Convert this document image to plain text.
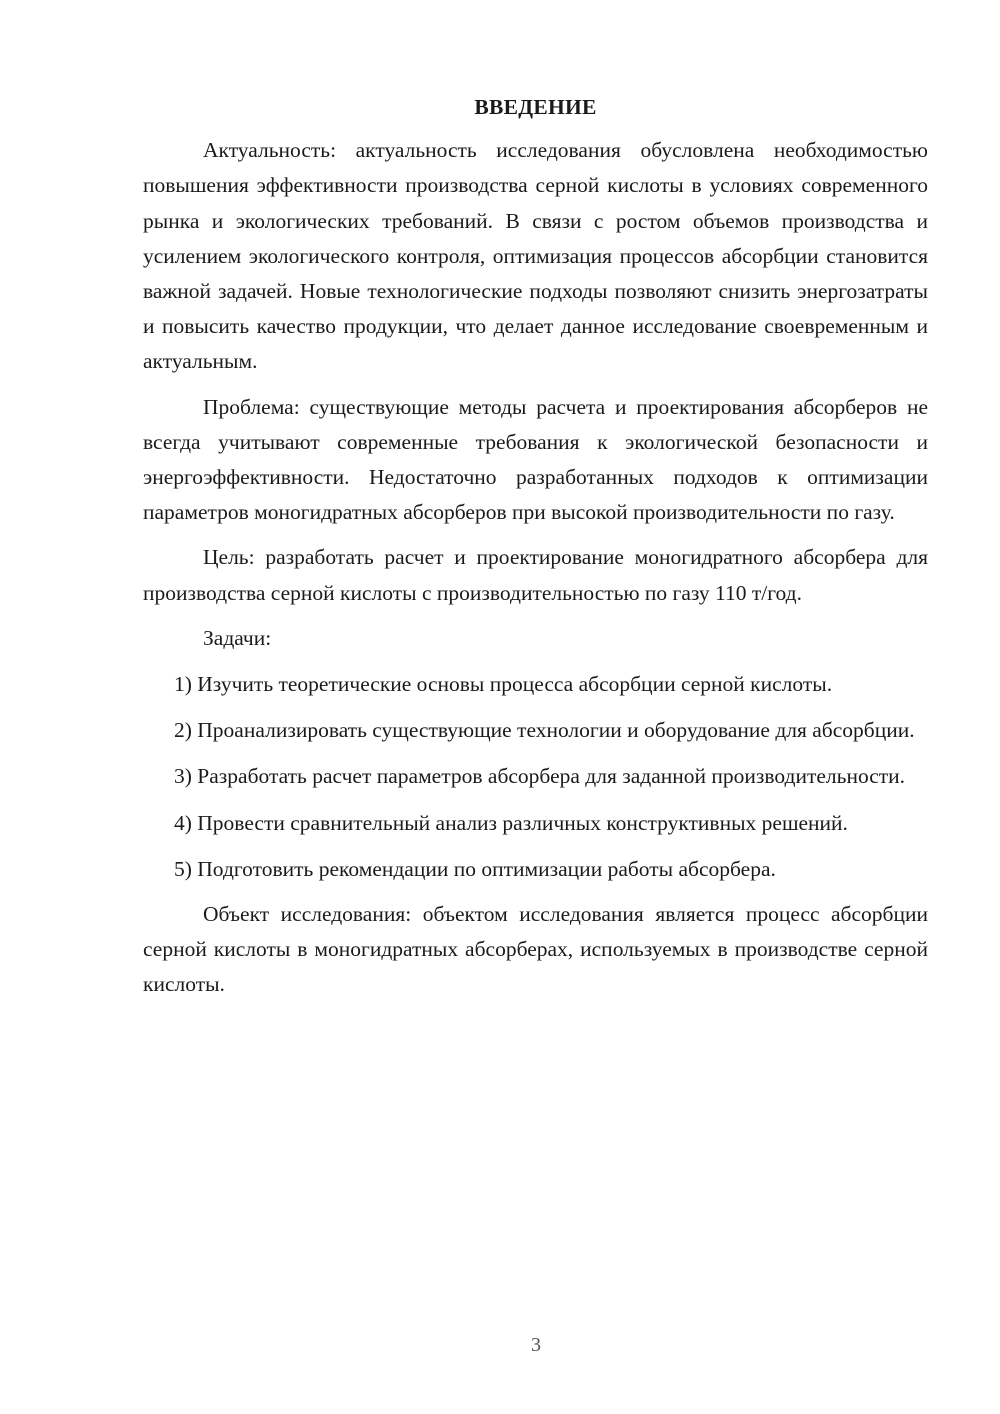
ВВЕДЕНИЕ

Актуальность: актуальность исследования обусловлена необходимостью повышения эффективности производства серной кислоты в условиях современного рынка и экологических требований. В связи с ростом объемов производства и усилением экологического контроля, оптимизация процессов абсорбции становится важной задачей. Новые технологические подходы позволяют снизить энергозатраты и повысить качество продукции, что делает данное исследование своевременным и актуальным.

Проблема: существующие методы расчета и проектирования абсорберов не всегда учитывают современные требования к экологической безопасности и энергоэффективности. Недостаточно разработанных подходов к оптимизации параметров моногидратных абсорберов при высокой производительности по газу.

Цель: разработать расчет и проектирование моногидратного абсорбера для производства серной кислоты с производительностью по газу 110 т/год.

Задачи:

1) Изучить теоретические основы процесса абсорбции серной кислоты.

2) Проанализировать существующие технологии и оборудование для абсорбции.

3) Разработать расчет параметров абсорбера для заданной производительности.

4) Провести сравнительный анализ различных конструктивных решений.

5) Подготовить рекомендации по оптимизации работы абсорбера.

Объект исследования: объектом исследования является процесс абсорбции серной кислоты в моногидратных абсорберах, используемых в производстве серной кислоты.

3
